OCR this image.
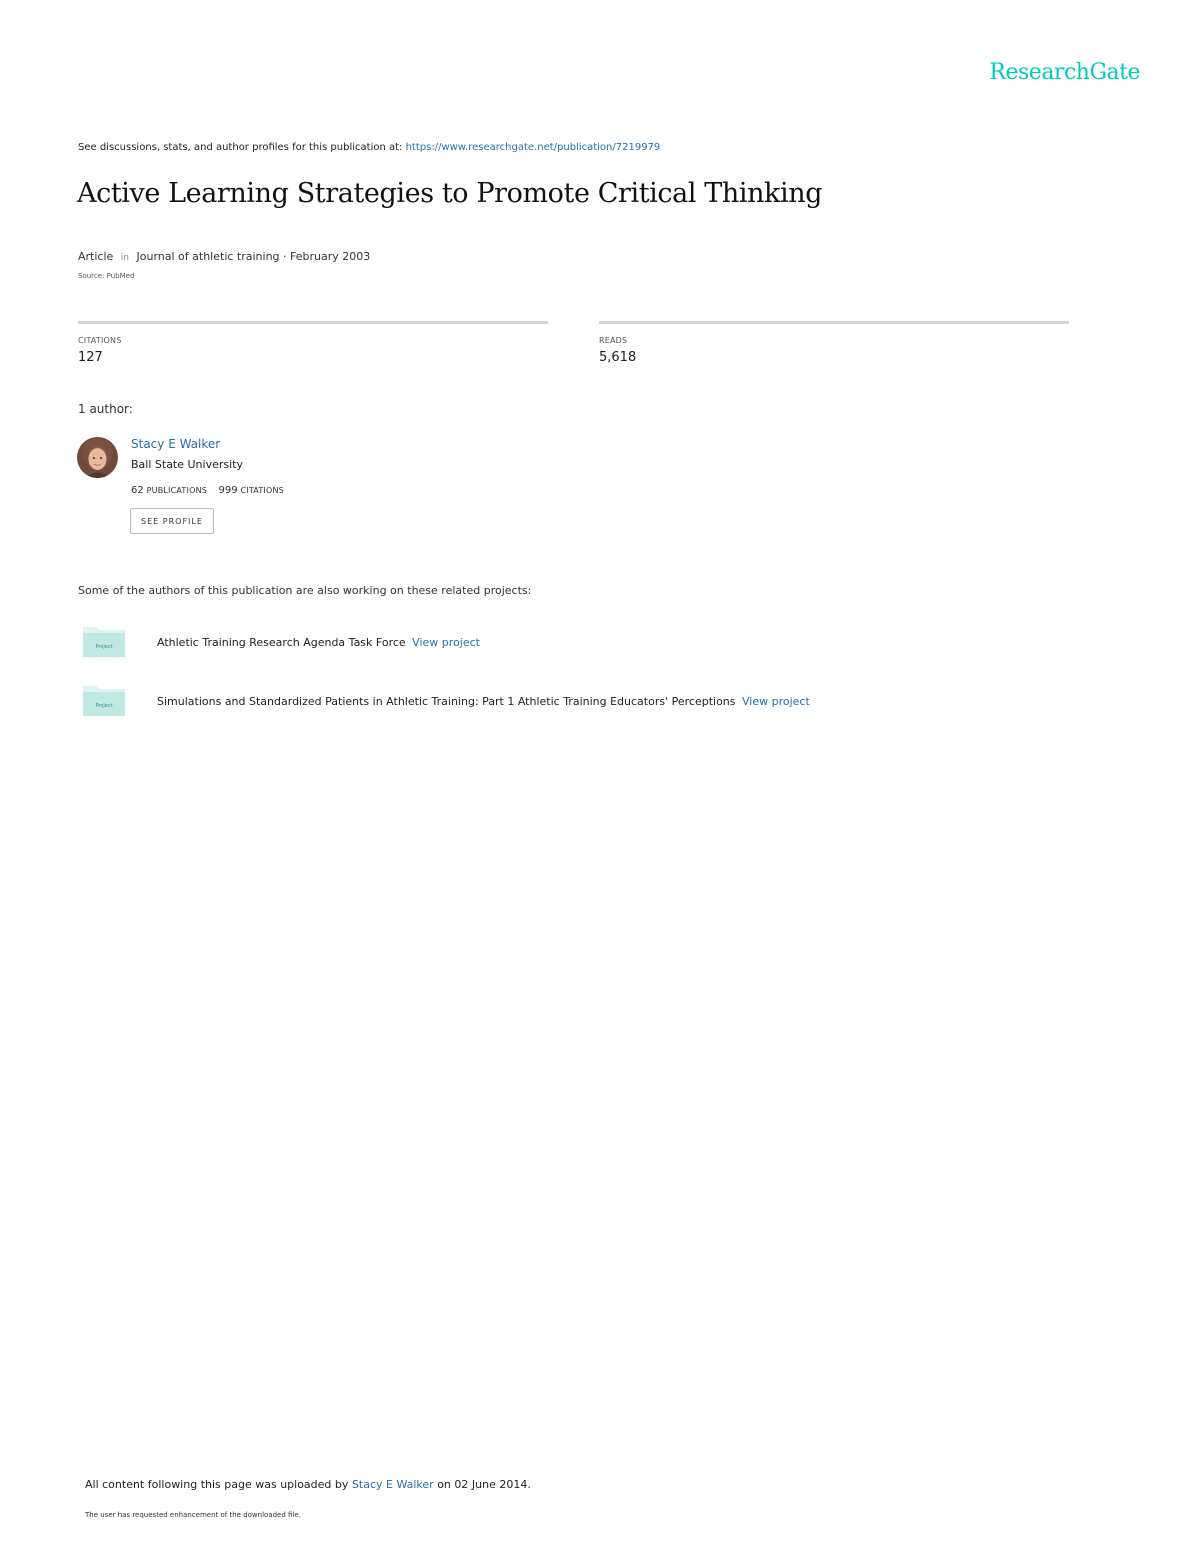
ResearchGate
See discussions, stats, and author profiles for this publication at: https://www.researchgate.net/publication/7219979
Active Learning Strategies to Promote Critical Thinking
Article in Journal of athletic training · February 2003
Source: PubMed
CITATIONS
127
READS
5,618
1 author:
Stacy E Walker
Ball State University
62 PUBLICATIONS 999 CITATIONS
SEE PROFILE
Some of the authors of this publication are also working on these related projects:
Project	Athletic Training Research Agenda Task Force View project
Project	Simulations and Standardized Patients in Athletic Training: Part 1 Athletic Training Educators' Perceptions View project
All content following this page was uploaded by Stacy E Walker on 02 June 2014.
The user has requested enhancement of the downloaded file.
